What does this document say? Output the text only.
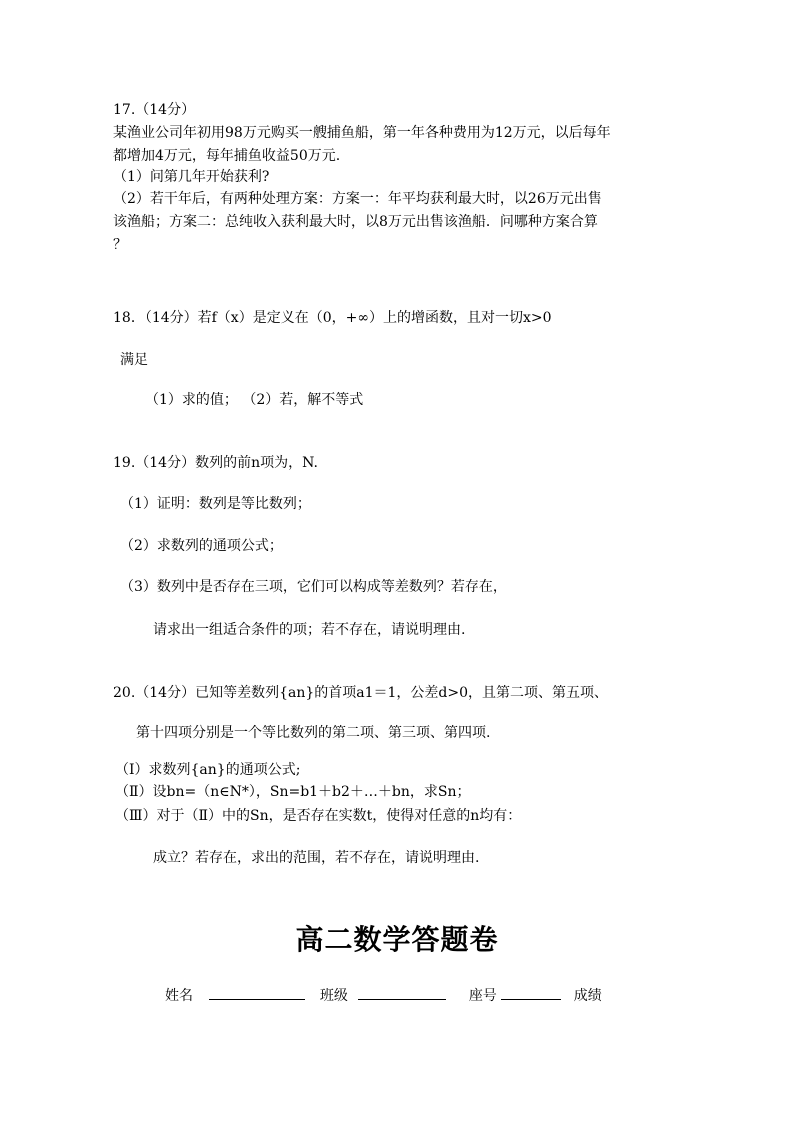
17.（14分）
某渔业公司年初用98万元购买一艘捕鱼船，第一年各种费用为12万元，以后每年
都增加4万元，每年捕鱼收益50万元.
（1）问第几年开始获利?
（2）若干年后，有两种处理方案：方案一：年平均获利最大时，以26万元出售
该渔船；方案二：总纯收入获利最大时，以8万元出售该渔船．问哪种方案合算
？
18．（14分）若f（x）是定义在（0，+∞）上的增函数，且对一切x>0
满足
（1）求的值； （2）若，解不等式
19.（14分）数列的前n项为，N.
（1）证明：数列是等比数列；
（2）求数列的通项公式；
（3）数列中是否存在三项，它们可以构成等差数列？若存在，
请求出一组适合条件的项；若不存在，请说明理由.
20.（14分）已知等差数列{an}的首项a1＝1，公差d>0，且第二项、第五项、
第十四项分别是一个等比数列的第二项、第三项、第四项.
（Ⅰ）求数列{an}的通项公式;
（Ⅱ）设bn=（n∈N*），Sn=b1＋b2＋…＋bn，求Sn；
（Ⅲ）对于（Ⅱ）中的Sn，是否存在实数t，使得对任意的n均有：
成立？若存在，求出的范围，若不存在，请说明理由.
高二数学答题卷
姓名	班级	座号	成绩
